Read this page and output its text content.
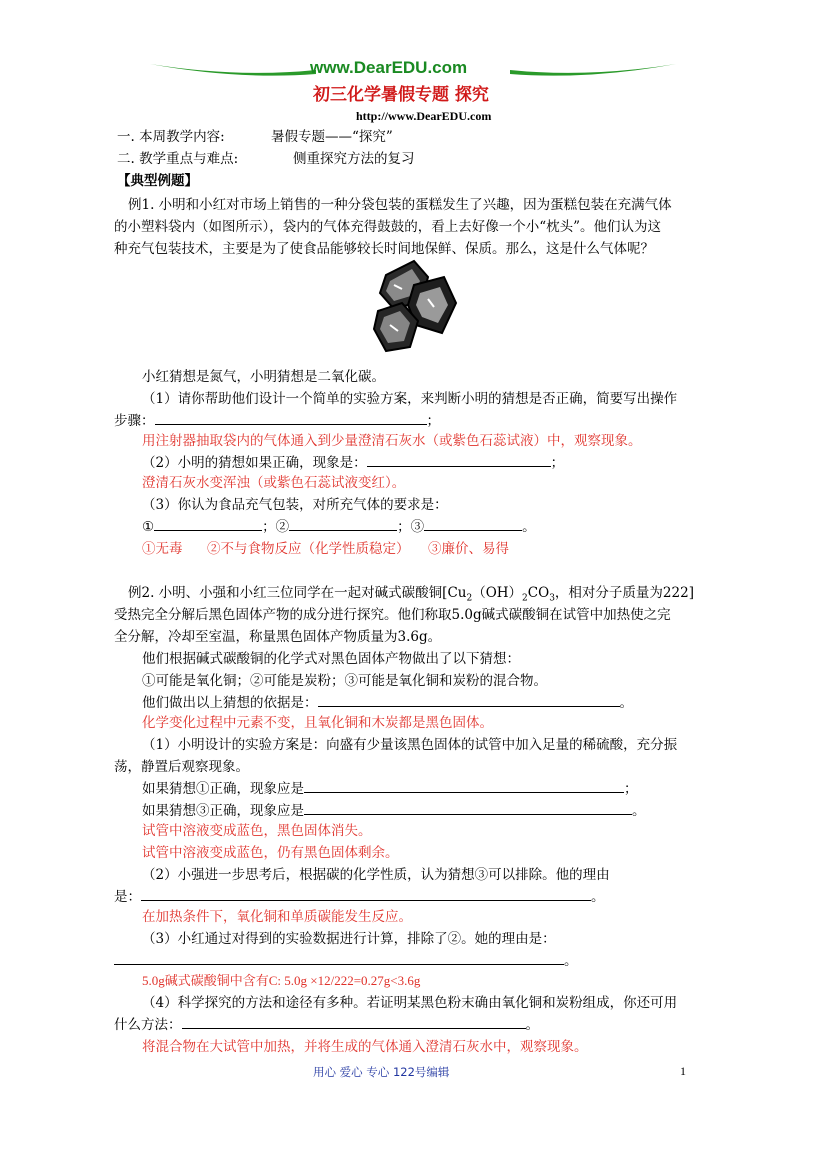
www.DearEDU.com
初三化学暑假专题 探究
http://www.DearEDU.com
一. 本周教学内容:	暑假专题——“探究”
二. 教学重点与难点:	侧重探究方法的复习
【典型例题】
例1. 小明和小红对市场上销售的一种分袋包装的蛋糕发生了兴趣，因为蛋糕包装在充满气体
的小塑料袋内（如图所示），袋内的气体充得鼓鼓的，看上去好像一个小“枕头”。他们认为这
种充气包装技术，主要是为了使食品能够较长时间地保鲜、保质。那么，这是什么气体呢？
小红猜想是氮气，小明猜想是二氧化碳。
（1）请你帮助他们设计一个简单的实验方案，来判断小明的猜想是否正确，简要写出操作
步骤：	；
用注射器抽取袋内的气体通入到少量澄清石灰水（或紫色石蕊试液）中，观察现象。
（2）小明的猜想如果正确，现象是：	；
澄清石灰水变浑浊（或紫色石蕊试液变红）。
（3）你认为食品充气包装，对所充气体的要求是：
①	；②	；③	。
①无毒 ②不与食物反应（化学性质稳定） ③廉价、易得
例2. 小明、小强和小红三位同学在一起对碱式碳酸铜[$Cu_2(OH)_2CO_3$，相对分子质量为222]
受热完全分解后黑色固体产物的成分进行探究。他们称取5.0g碱式碳酸铜在试管中加热使之完
全分解，冷却至室温，称量黑色固体产物质量为3.6g。
他们根据碱式碳酸铜的化学式对黑色固体产物做出了以下猜想：
①可能是氧化铜；②可能是炭粉；③可能是氧化铜和炭粉的混合物。
他们做出以上猜想的依据是：	。
化学变化过程中元素不变，且氧化铜和木炭都是黑色固体。
（1）小明设计的实验方案是：向盛有少量该黑色固体的试管中加入足量的稀硫酸，充分振
荡，静置后观察现象。
如果猜想①正确，现象应是	；
如果猜想③正确，现象应是	。
试管中溶液变成蓝色，黑色固体消失。
试管中溶液变成蓝色，仍有黑色固体剩余。
（2）小强进一步思考后，根据碳的化学性质，认为猜想③可以排除。他的理由
是：	。
在加热条件下，氧化铜和单质碳能发生反应。
（3）小红通过对得到的实验数据进行计算，排除了②。她的理由是：
。
5.0g碱式碳酸铜中含有C: 5.0g ×12/222=0.27g<3.6g
（4）科学探究的方法和途径有多种。若证明某黑色粉末确由氧化铜和炭粉组成，你还可用
什么方法：	。
将混合物在大试管中加热，并将生成的气体通入澄清石灰水中，观察现象。
用心 爱心 专心 122号编辑	1
